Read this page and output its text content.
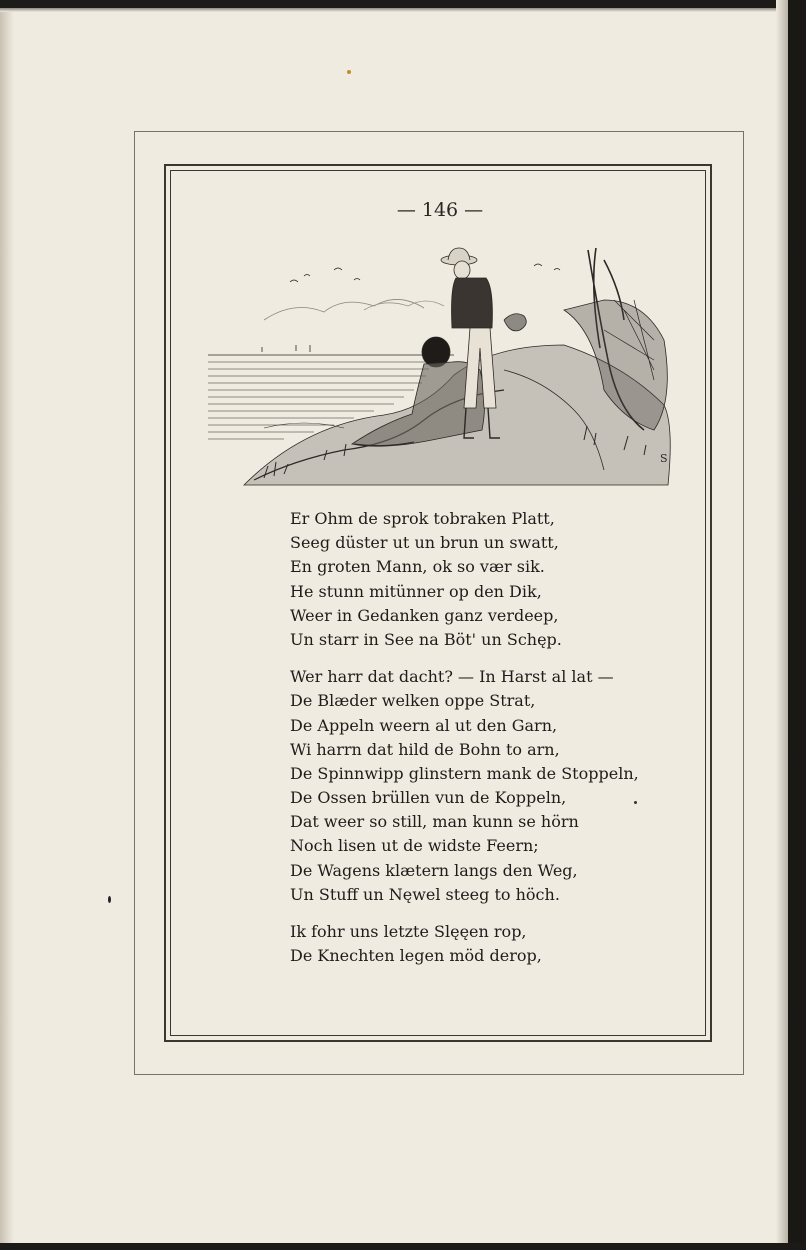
— 146 —
S
Er Ohm de sprok tobraken Platt,
Seeg düster ut un brun un swatt,
En groten Mann, ok so vær sik.
He stunn mitünner op den Dik,
Weer in Gedanken ganz verdeep,
Un starr in See na Böt' un Schęp.
Wer harr dat dacht? — In Harst al lat —
De Blæder welken oppe Strat,
De Appeln weern al ut den Garn,
Wi harrn dat hild de Bohn to arn,
De Spinnwipp glinstern mank de Stoppeln,
De Ossen brüllen vun de Koppeln,
Dat weer so still, man kunn se hörn
Noch lisen ut de widste Feern;
De Wagens klætern langs den Weg,
Un Stuff un Nęwel steeg to höch.
Ik fohr uns letzte Slęęen rop,
De Knechten legen möd derop,
